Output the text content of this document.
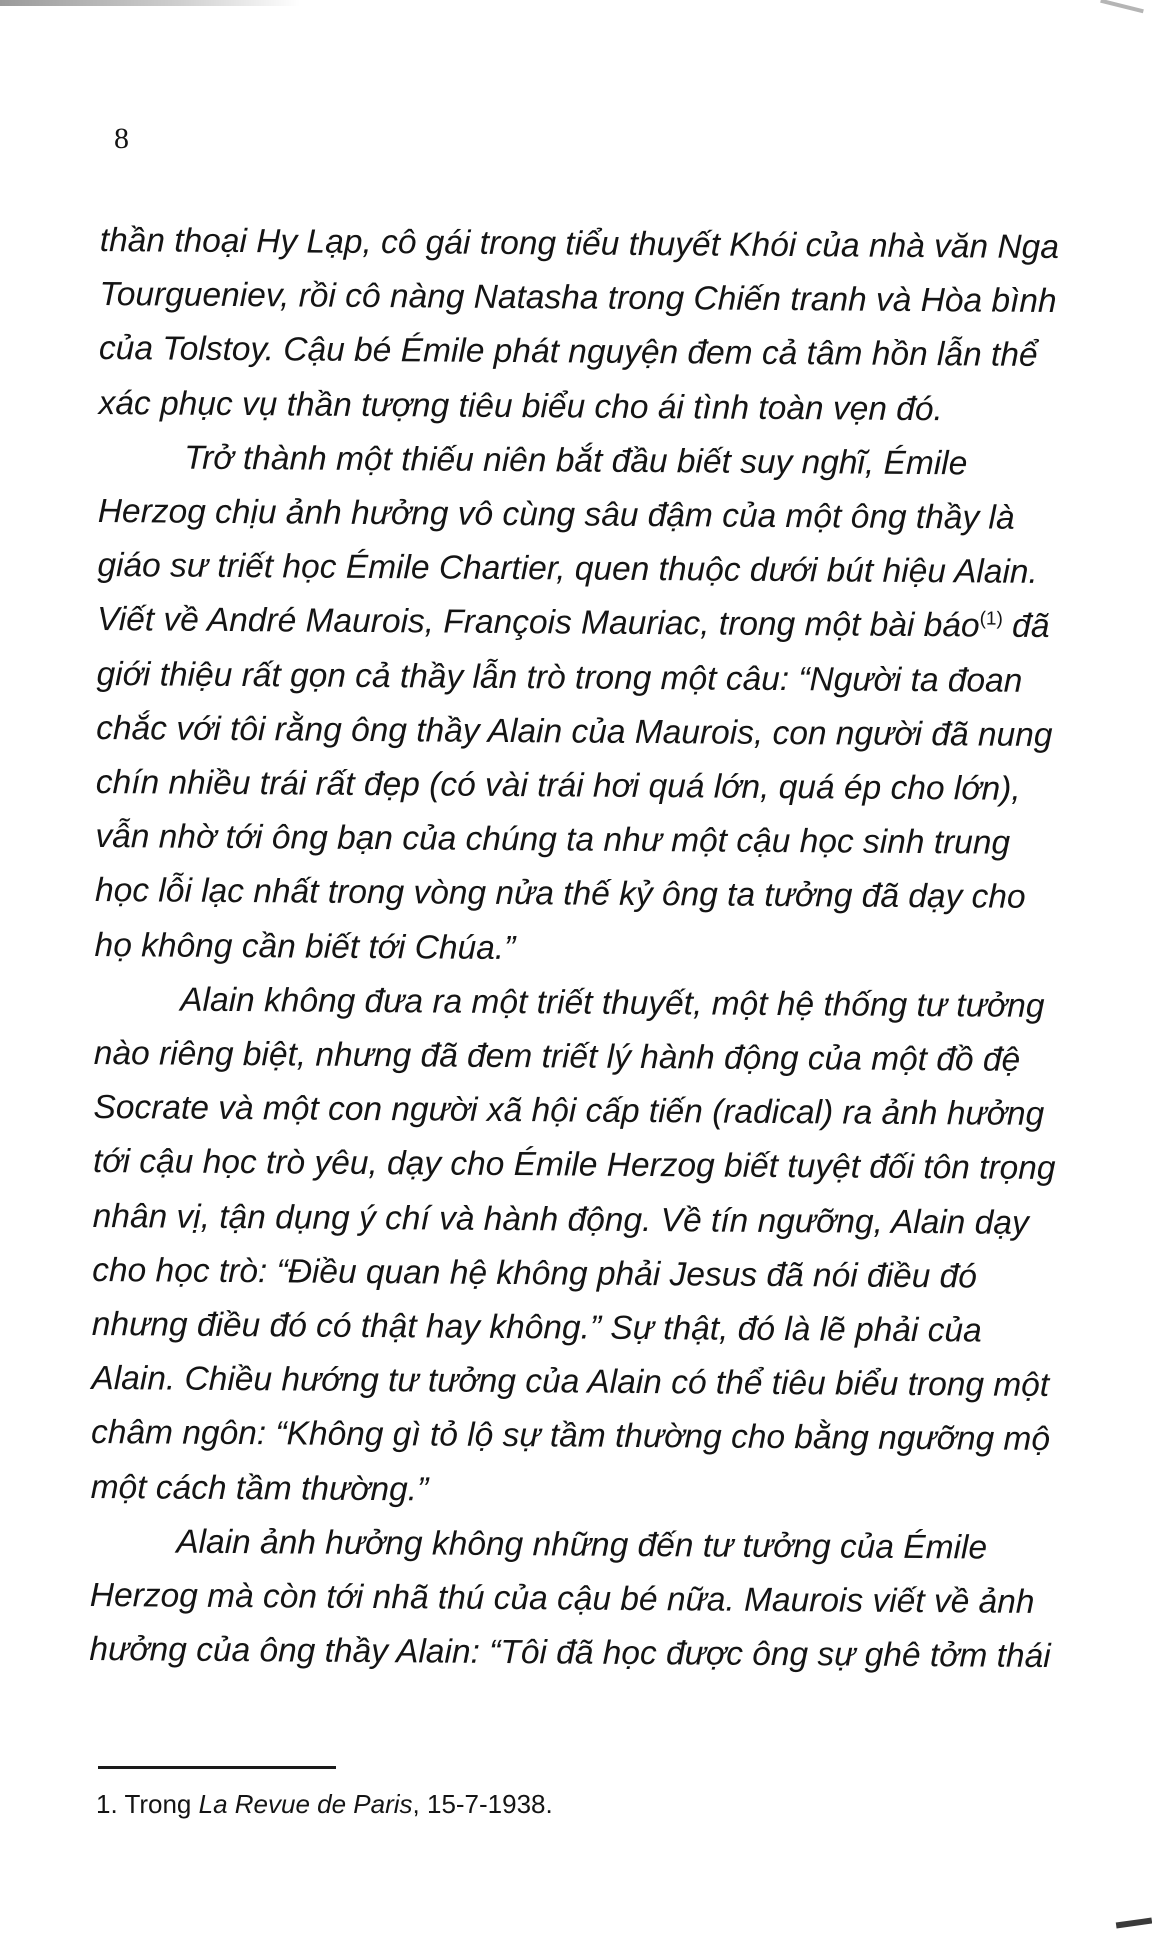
8
thần thoại Hy Lạp, cô gái trong tiểu thuyết Khói của nhà văn Nga
Tourgueniev, rồi cô nàng Natasha trong Chiến tranh và Hòa bình
của Tolstoy. Cậu bé Émile phát nguyện đem cả tâm hồn lẫn thể
xác phục vụ thần tượng tiêu biểu cho ái tình toàn vẹn đó.
Trở thành một thiếu niên bắt đầu biết suy nghĩ, Émile
Herzog chịu ảnh hưởng vô cùng sâu đậm của một ông thầy là
giáo sư triết học Émile Chartier, quen thuộc dưới bút hiệu Alain.
Viết về André Maurois, François Mauriac, trong một bài báo$^{(1)}$ đã
giới thiệu rất gọn cả thầy lẫn trò trong một câu: “Người ta đoan
chắc với tôi rằng ông thầy Alain của Maurois, con người đã nung
chín nhiều trái rất đẹp (có vài trái hơi quá lớn, quá ép cho lớn),
vẫn nhờ tới ông bạn của chúng ta như một cậu học sinh trung
học lỗi lạc nhất trong vòng nửa thế kỷ ông ta tưởng đã dạy cho
họ không cần biết tới Chúa.”
Alain không đưa ra một triết thuyết, một hệ thống tư tưởng
nào riêng biệt, nhưng đã đem triết lý hành động của một đồ đệ
Socrate và một con người xã hội cấp tiến (radical) ra ảnh hưởng
tới cậu học trò yêu, dạy cho Émile Herzog biết tuyệt đối tôn trọng
nhân vị, tận dụng ý chí và hành động. Về tín ngưỡng, Alain dạy
cho học trò: “Điều quan hệ không phải Jesus đã nói điều đó
nhưng điều đó có thật hay không.” Sự thật, đó là lẽ phải của
Alain. Chiều hướng tư tưởng của Alain có thể tiêu biểu trong một
châm ngôn: “Không gì tỏ lộ sự tầm thường cho bằng ngưỡng mộ
một cách tầm thường.”
Alain ảnh hưởng không những đến tư tưởng của Émile
Herzog mà còn tới nhã thú của cậu bé nữa. Maurois viết về ảnh
hưởng của ông thầy Alain: “Tôi đã học được ông sự ghê tởm thái
1. Trong La Revue de Paris, 15-7-1938.
